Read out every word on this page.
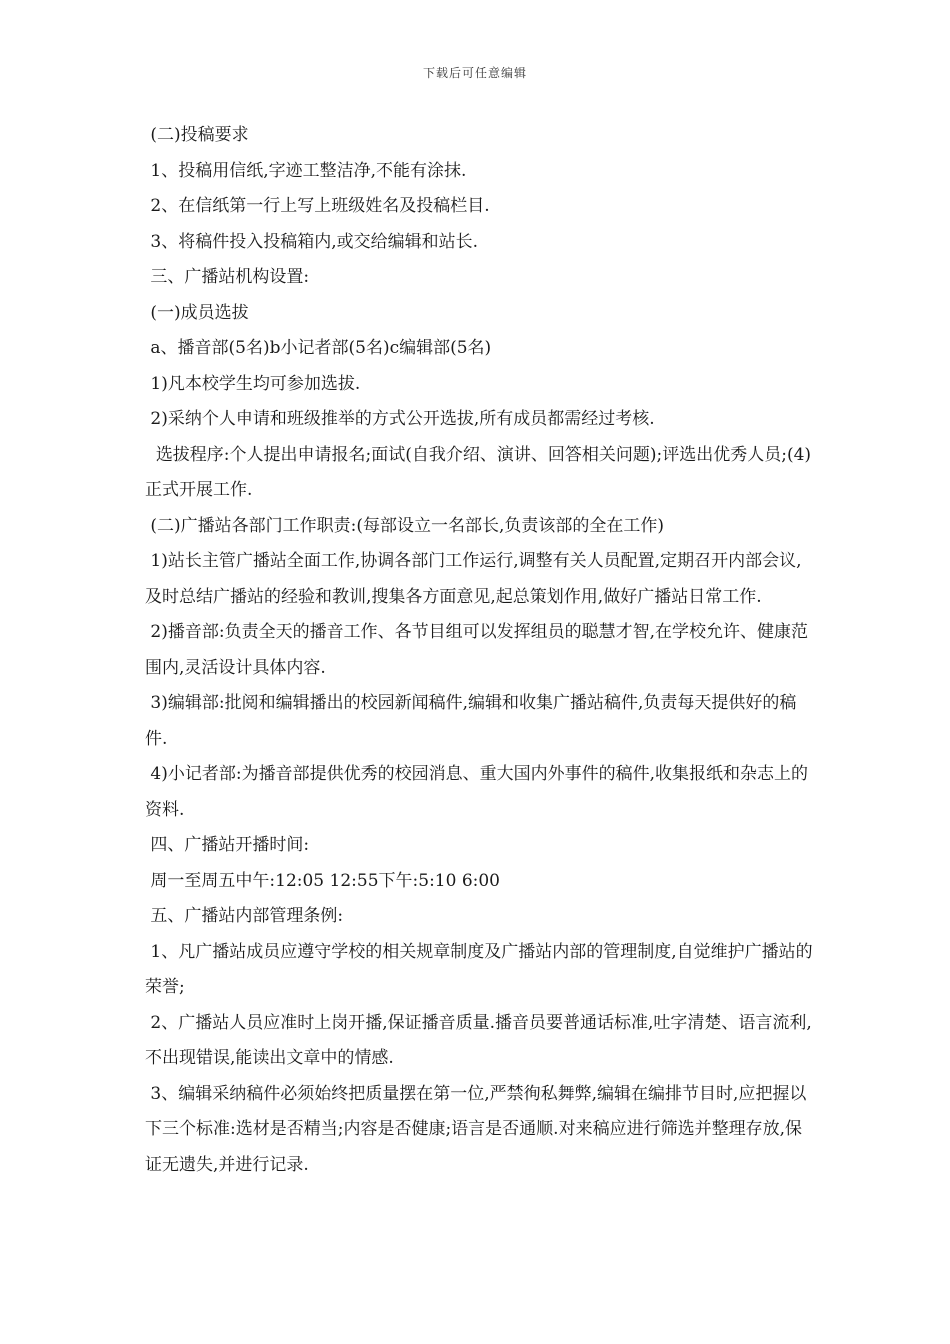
下载后可任意编辑

(二)投稿要求

1、投稿用信纸,字迹工整洁净,不能有涂抹.

2、在信纸第一行上写上班级姓名及投稿栏目.

3、将稿件投入投稿箱内,或交给编辑和站长.

三、广播站机构设置:

(一)成员选拔

a、播音部(5名)b小记者部(5名)c编辑部(5名)

1)凡本校学生均可参加选拔.

2)采纳个人申请和班级推举的方式公开选拔,所有成员都需经过考核.

选拔程序:个人提出申请报名;面试(自我介绍、演讲、回答相关问题);评选出优秀人员;(4)正式开展工作.

(二)广播站各部门工作职责:(每部设立一名部长,负责该部的全在工作)

1)站长主管广播站全面工作,协调各部门工作运行,调整有关人员配置,定期召开内部会议,及时总结广播站的经验和教训,搜集各方面意见,起总策划作用,做好广播站日常工作.

2)播音部:负责全天的播音工作、各节目组可以发挥组员的聪慧才智,在学校允许、健康范围内,灵活设计具体内容.

3)编辑部:批阅和编辑播出的校园新闻稿件,编辑和收集广播站稿件,负责每天提供好的稿件.

4)小记者部:为播音部提供优秀的校园消息、重大国内外事件的稿件,收集报纸和杂志上的资料.

四、广播站开播时间:

周一至周五中午:12:05 12:55下午:5:10 6:00

五、广播站内部管理条例:

1、凡广播站成员应遵守学校的相关规章制度及广播站内部的管理制度,自觉维护广播站的荣誉;

2、广播站人员应准时上岗开播,保证播音质量.播音员要普通话标准,吐字清楚、语言流利,不出现错误,能读出文章中的情感.

3、编辑采纳稿件必须始终把质量摆在第一位,严禁徇私舞弊,编辑在编排节目时,应把握以下三个标准:选材是否精当;内容是否健康;语言是否通顺.对来稿应进行筛选并整理存放,保证无遗失,并进行记录.
